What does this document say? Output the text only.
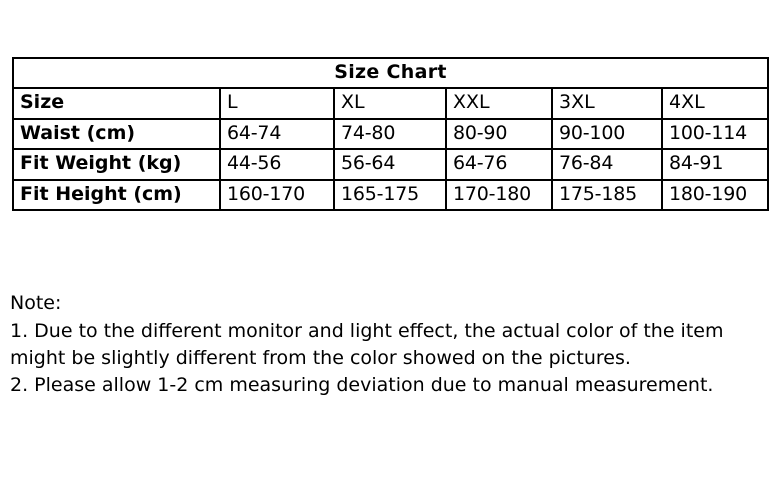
Size Chart					
Size	L	XL	XXL	3XL	4XL
Waist (cm)	64-74	74-80	80-90	90-100	100-114
Fit Weight (kg)	44-56	56-64	64-76	76-84	84-91
Fit Height (cm)	160-170	165-175	170-180	175-185	180-190
Note:
1. Due to the different monitor and light effect, the actual color of the item
might be slightly different from the color showed on the pictures.
2. Please allow 1-2 cm measuring deviation due to manual measurement.
